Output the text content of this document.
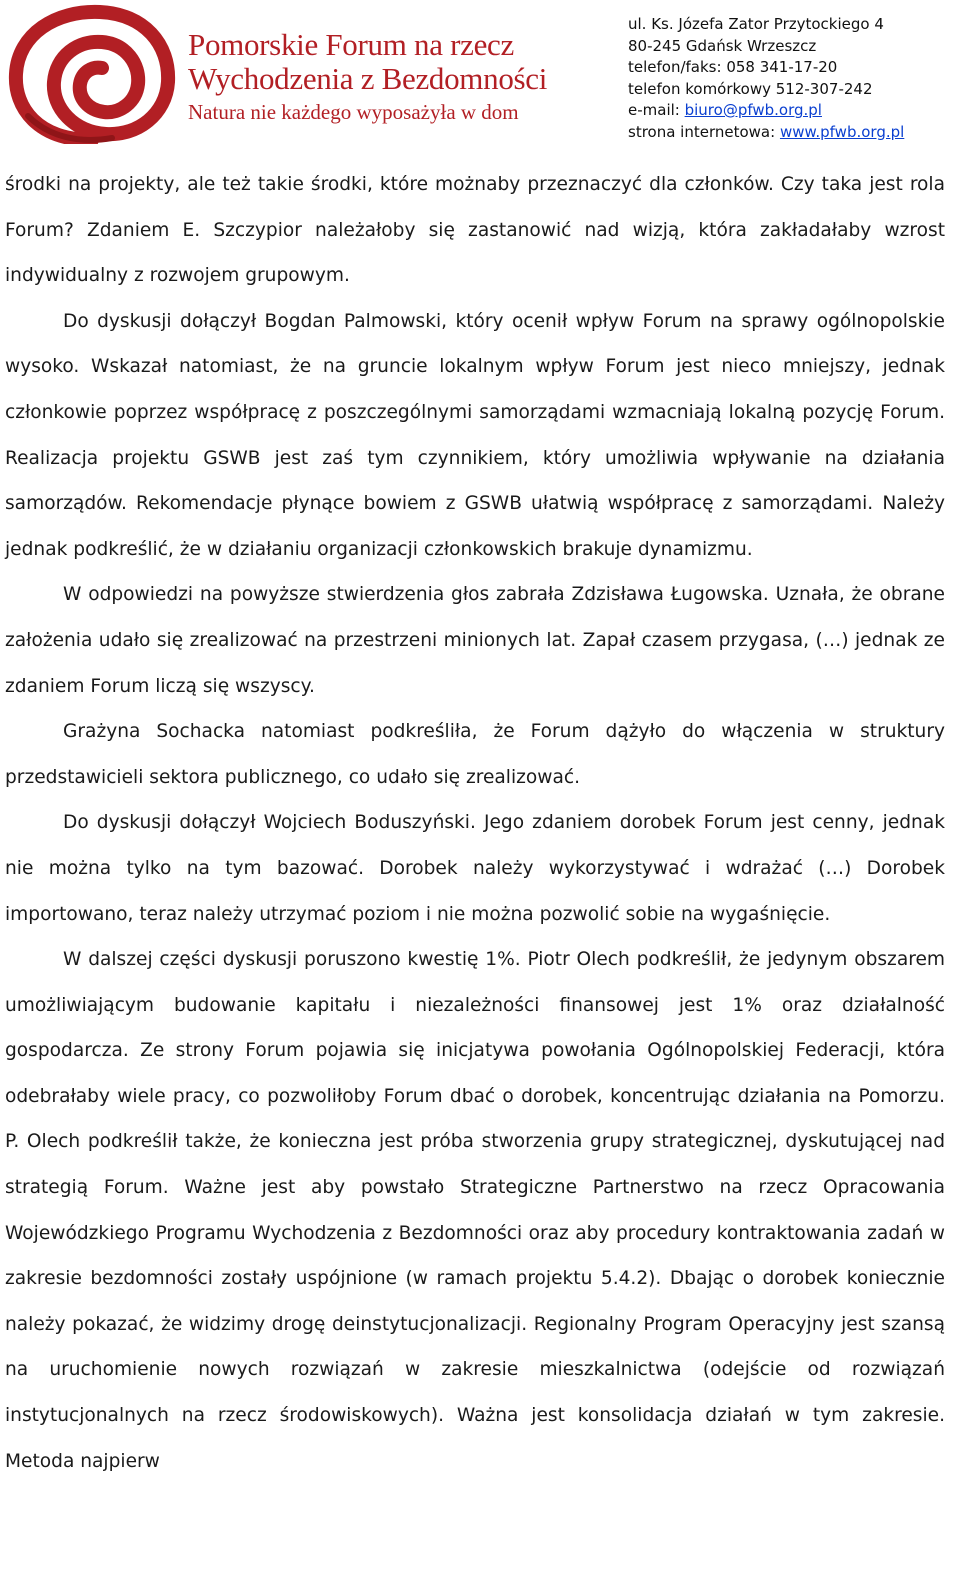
Pomorskie Forum na rzecz
Wychodzenia z Bezdomności
Natura nie każdego wyposażyła w dom
ul. Ks. Józefa Zator Przytockiego 4
80-245 Gdańsk Wrzeszcz
telefon/faks: 058 341-17-20
telefon komórkowy 512-307-242
e-mail: biuro@pfwb.org.pl
strona internetowa: www.pfwb.org.pl

środki na projekty, ale też takie środki, które możnaby przeznaczyć dla członków. Czy taka jest rola Forum? Zdaniem E. Szczypior należałoby się zastanowić nad wizją, która zakładałaby wzrost indywidualny z rozwojem grupowym.

Do dyskusji dołączył Bogdan Palmowski, który ocenił wpływ Forum na sprawy ogólnopolskie wysoko. Wskazał natomiast, że na gruncie lokalnym wpływ Forum jest nieco mniejszy, jednak członkowie poprzez współpracę z poszczególnymi samorządami wzmacniają lokalną pozycję Forum. Realizacja projektu GSWB jest zaś tym czynnikiem, który umożliwia wpływanie na działania samorządów. Rekomendacje płynące bowiem z GSWB ułatwią współpracę z samorządami. Należy jednak podkreślić, że w działaniu organizacji członkowskich brakuje dynamizmu.

W odpowiedzi na powyższe stwierdzenia głos zabrała Zdzisława Ługowska. Uznała, że obrane założenia udało się zrealizować na przestrzeni minionych lat. Zapał czasem przygasa, (…) jednak ze zdaniem Forum liczą się wszyscy.

Grażyna Sochacka natomiast podkreśliła, że Forum dążyło do włączenia w struktury przedstawicieli sektora publicznego, co udało się zrealizować.

Do dyskusji dołączył Wojciech Boduszyński. Jego zdaniem dorobek Forum jest cenny, jednak nie można tylko na tym bazować. Dorobek należy wykorzystywać i wdrażać (…) Dorobek importowano, teraz należy utrzymać poziom i nie można pozwolić sobie na wygaśnięcie.

W dalszej części dyskusji poruszono kwestię 1%. Piotr Olech podkreślił, że jedynym obszarem umożliwiającym budowanie kapitału i niezależności finansowej jest 1% oraz działalność gospodarcza. Ze strony Forum pojawia się inicjatywa powołania Ogólnopolskiej Federacji, która odebrałaby wiele pracy, co pozwoliłoby Forum dbać o dorobek, koncentrując działania na Pomorzu. P. Olech podkreślił także, że konieczna jest próba stworzenia grupy strategicznej, dyskutującej nad strategią Forum. Ważne jest aby powstało Strategiczne Partnerstwo na rzecz Opracowania Wojewódzkiego Programu Wychodzenia z Bezdomności oraz aby procedury kontraktowania zadań w zakresie bezdomności zostały uspójnione (w ramach projektu 5.4.2). Dbając o dorobek koniecznie należy pokazać, że widzimy drogę deinstytucjonalizacji. Regionalny Program Operacyjny jest szansą na uruchomienie nowych rozwiązań w zakresie mieszkalnictwa (odejście od rozwiązań instytucjonalnych na rzecz środowiskowych). Ważna jest konsolidacja działań w tym zakresie. Metoda najpierw
